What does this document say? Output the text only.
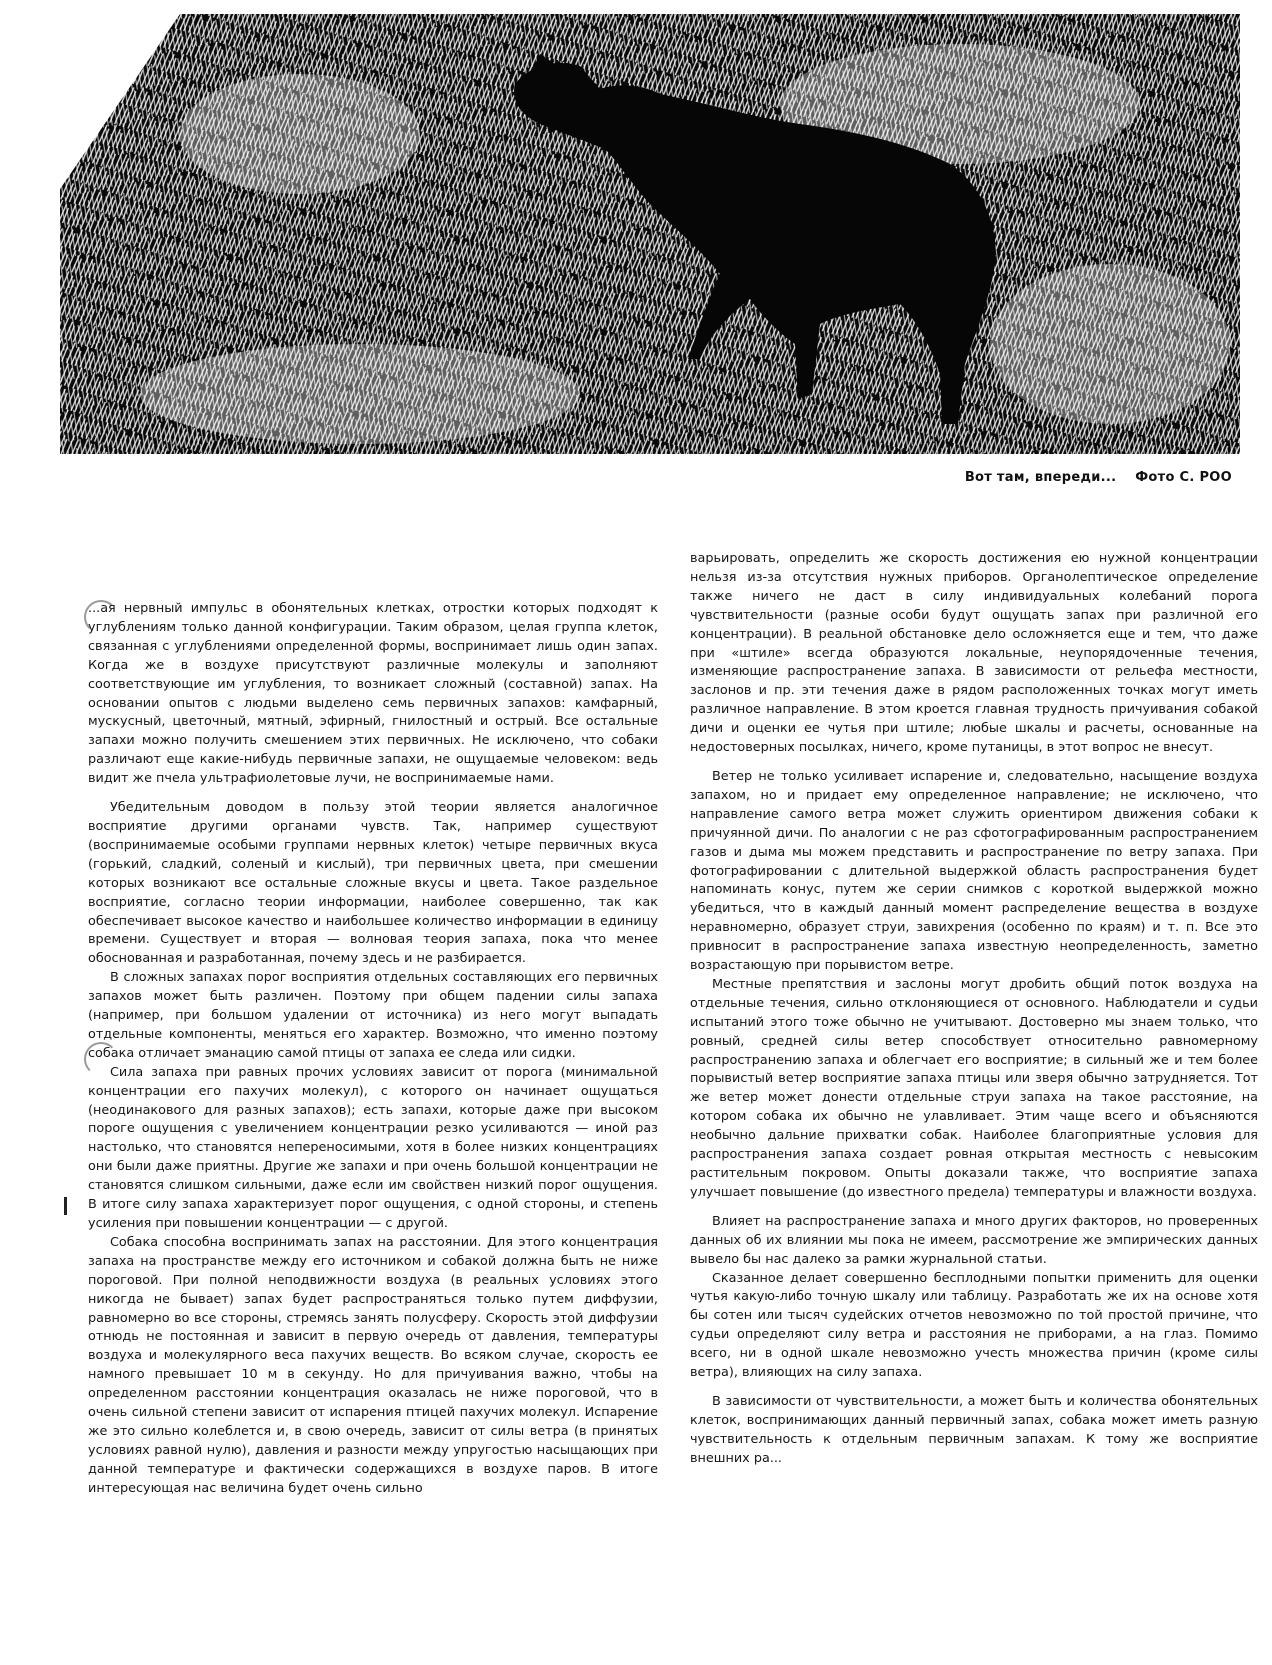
Вот там, впереди... Фото С. РОО

...ая нервный импульс в обонятельных клетках, отростки которых подходят к углублениям только данной конфигурации. Таким образом, целая группа клеток, связанная с углублениями определенной формы, воспринимает лишь один запах. Когда же в воздухе присутствуют различные молекулы и заполняют соответствующие им углубления, то возникает сложный (составной) запах. На основании опытов с людьми выделено семь первичных запахов: камфарный, мускусный, цветочный, мятный, эфирный, гнилостный и острый. Все остальные запахи можно получить смешением этих первичных. Не исключено, что собаки различают еще какие-нибудь первичные запахи, не ощущаемые человеком: ведь видит же пчела ультрафиолетовые лучи, не воспринимаемые нами.

Убедительным доводом в пользу этой теории является аналогичное восприятие другими органами чувств. Так, например существуют (воспринимаемые особыми группами нервных клеток) четыре первичных вкуса (горький, сладкий, соленый и кислый), три первичных цвета, при смешении которых возникают все остальные сложные вкусы и цвета. Такое раздельное восприятие, согласно теории информации, наиболее совершенно, так как обеспечивает высокое качество и наибольшее количество информации в единицу времени. Существует и вторая — волновая теория запаха, пока что менее обоснованная и разработанная, почему здесь и не разбирается.

В сложных запахах порог восприятия отдельных составляющих его первичных запахов может быть различен. Поэтому при общем падении силы запаха (например, при большом удалении от источника) из него могут выпадать отдельные компоненты, меняться его характер. Возможно, что именно поэтому собака отличает эманацию самой птицы от запаха ее следа или сидки.

Сила запаха при равных прочих условиях зависит от порога (минимальной концентрации его пахучих молекул), с которого он начинает ощущаться (неодинакового для разных запахов); есть запахи, которые даже при высоком пороге ощущения с увеличением концентрации резко усиливаются — иной раз настолько, что становятся непереносимыми, хотя в более низких концентрациях они были даже приятны. Другие же запахи и при очень большой концентрации не становятся слишком сильными, даже если им свойствен низкий порог ощущения. В итоге силу запаха характеризует порог ощущения, с одной стороны, и степень усиления при повышении концентрации — с другой.

Собака способна воспринимать запах на расстоянии. Для этого концентрация запаха на пространстве между его источником и собакой должна быть не ниже пороговой. При полной неподвижности воздуха (в реальных условиях этого никогда не бывает) запах будет распространяться только путем диффузии, равномерно во все стороны, стремясь занять полусферу. Скорость этой диффузии отнюдь не постоянная и зависит в первую очередь от давления, температуры воздуха и молекулярного веса пахучих веществ. Во всяком случае, скорость ее намного превышает 10 м в секунду. Но для причуивания важно, чтобы на определенном расстоянии концентрация оказалась не ниже пороговой, что в очень сильной степени зависит от испарения птицей пахучих молекул. Испарение же это сильно колеблется и, в свою очередь, зависит от силы ветра (в принятых условиях равной нулю), давления и разности между упругостью насыщающих при данной температуре и фактически содержащихся в воздухе паров. В итоге интересующая нас величина будет очень сильно

варьировать, определить же скорость достижения ею нужной концентрации нельзя из-за отсутствия нужных приборов. Органолептическое определение также ничего не даст в силу индивидуальных колебаний порога чувствительности (разные особи будут ощущать запах при различной его концентрации). В реальной обстановке дело осложняется еще и тем, что даже при «штиле» всегда образуются локальные, неупорядоченные течения, изменяющие распространение запаха. В зависимости от рельефа местности, заслонов и пр. эти течения даже в рядом расположенных точках могут иметь различное направление. В этом кроется главная трудность причуивания собакой дичи и оценки ее чутья при штиле; любые шкалы и расчеты, основанные на недостоверных посылках, ничего, кроме путаницы, в этот вопрос не внесут.

Ветер не только усиливает испарение и, следовательно, насыщение воздуха запахом, но и придает ему определенное направление; не исключено, что направление самого ветра может служить ориентиром движения собаки к причуянной дичи. По аналогии с не раз сфотографированным распространением газов и дыма мы можем представить и распространение по ветру запаха. При фотографировании с длительной выдержкой область распространения будет напоминать конус, путем же серии снимков с короткой выдержкой можно убедиться, что в каждый данный момент распределение вещества в воздухе неравномерно, образует струи, завихрения (особенно по краям) и т. п. Все это привносит в распространение запаха известную неопределенность, заметно возрастающую при порывистом ветре.

Местные препятствия и заслоны могут дробить общий поток воздуха на отдельные течения, сильно отклоняющиеся от основного. Наблюдатели и судьи испытаний этого тоже обычно не учитывают. Достоверно мы знаем только, что ровный, средней силы ветер способствует относительно равномерному распространению запаха и облегчает его восприятие; в сильный же и тем более порывистый ветер восприятие запаха птицы или зверя обычно затрудняется. Тот же ветер может донести отдельные струи запаха на такое расстояние, на котором собака их обычно не улавливает. Этим чаще всего и объясняются необычно дальние прихватки собак. Наиболее благоприятные условия для распространения запаха создает ровная открытая местность с невысоким растительным покровом. Опыты доказали также, что восприятие запаха улучшает повышение (до известного предела) температуры и влажности воздуха.

Влияет на распространение запаха и много других факторов, но проверенных данных об их влиянии мы пока не имеем, рассмотрение же эмпирических данных вывело бы нас далеко за рамки журнальной статьи.

Сказанное делает совершенно бесплодными попытки применить для оценки чутья какую-либо точную шкалу или таблицу. Разработать же их на основе хотя бы сотен или тысяч судейских отчетов невозможно по той простой причине, что судьи определяют силу ветра и расстояния не приборами, а на глаз. Помимо всего, ни в одной шкале невозможно учесть множества причин (кроме силы ветра), влияющих на силу запаха.

В зависимости от чувствительности, а может быть и количества обонятельных клеток, воспринимающих данный первичный запах, собака может иметь разную чувствительность к отдельным первичным запахам. К тому же восприятие внешних ра...
